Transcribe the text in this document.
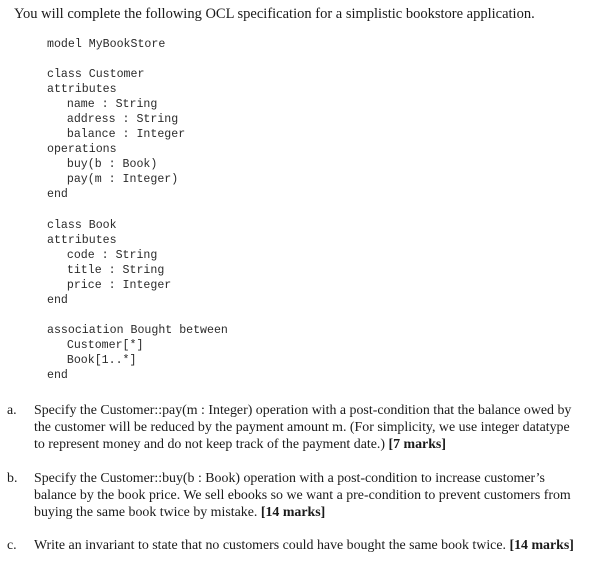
You will complete the following OCL specification for a simplistic bookstore application.
model MyBookStore
class Customer
attributes
name : String
address : String
balance : Integer
operations
buy(b : Book)
pay(m : Integer)
end
class Book
attributes
code : String
title : String
price : Integer
end
association Bought between
Customer[*]
Book[1..*]
end
a.	Specify the Customer::pay(m : Integer) operation with a post-condition that the balance owed by
the customer will be reduced by the payment amount m. (For simplicity, we use integer datatype
to represent money and do not keep track of the payment date.) [7 marks]
b.	Specify the Customer::buy(b : Book) operation with a post-condition to increase customer’s
balance by the book price. We sell ebooks so we want a pre-condition to prevent customers from
buying the same book twice by mistake. [14 marks]
c.	Write an invariant to state that no customers could have bought the same book twice. [14 marks]
